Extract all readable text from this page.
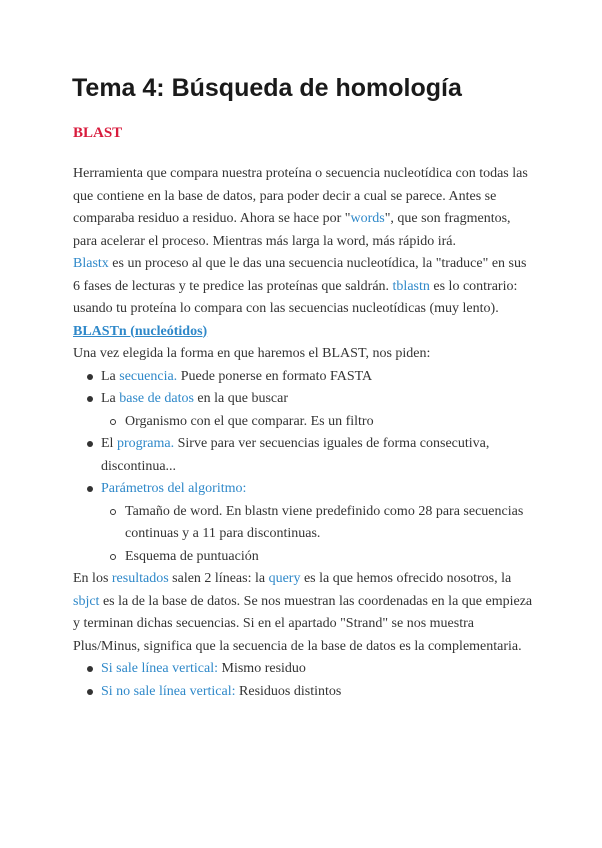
Tema 4: Búsqueda de homología
BLAST

Herramienta que compara nuestra proteína o secuencia nucleotídica con todas las que contiene en la base de datos, para poder decir a cual se parece. Antes se comparaba residuo a residuo. Ahora se hace por "words", que son fragmentos, para acelerar el proceso. Mientras más larga la word, más rápido irá.

Blastx es un proceso al que le das una secuencia nucleotídica, la "traduce" en sus 6 fases de lecturas y te predice las proteínas que saldrán. tblastn es lo contrario: usando tu proteína lo compara con las secuencias nucleotídicas (muy lento).

BLASTn (nucleótidos)

Una vez elegida la forma en que haremos el BLAST, nos piden:

La secuencia. Puede ponerse en formato FASTA
La base de datos en la que buscar
Organismo con el que comparar. Es un filtro
El programa. Sirve para ver secuencias iguales de forma consecutiva, discontinua...
Parámetros del algoritmo:
Tamaño de word. En blastn viene predefinido como 28 para secuencias continuas y a 11 para discontinuas.
Esquema de puntuación

En los resultados salen 2 líneas: la query es la que hemos ofrecido nosotros, la sbjct es la de la base de datos. Se nos muestran las coordenadas en la que empieza y terminan dichas secuencias. Si en el apartado "Strand" se nos muestra Plus/Minus, significa que la secuencia de la base de datos es la complementaria.

Si sale línea vertical: Mismo residuo
Si no sale línea vertical: Residuos distintos
